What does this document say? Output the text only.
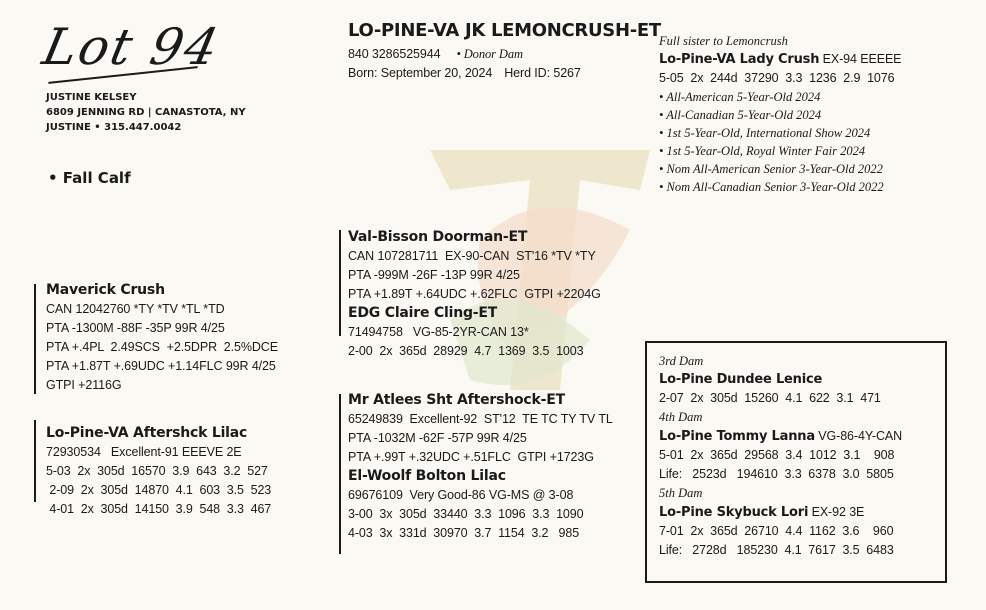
Lot 94
JUSTINE KELSEY
6809 JENNING RD | CANASTOTA, NY
JUSTINE • 315.447.0042
• Fall Calf
LO-PINE-VA JK LEMONCRUSH-ET
840 3286525944 • Donor Dam
Born: September 20, 2024 Herd ID: 5267
Full sister to Lemoncrush
Lo-Pine-VA Lady Crush EX-94 EEEEE
5-05  2x  244d  37290  3.3  1236  2.9  1076
• All-American 5-Year-Old 2024
• All-Canadian 5-Year-Old 2024
• 1st 5-Year-Old, International Show 2024
• 1st 5-Year-Old, Royal Winter Fair 2024
• Nom All-American Senior 3-Year-Old 2022
• Nom All-Canadian Senior 3-Year-Old 2022
Maverick Crush
CAN 12042760 *TY *TV *TL *TD
PTA -1300M -88F -35P 99R 4/25
PTA +.4PL  2.49SCS  +2.5DPR  2.5%DCE
PTA +1.87T +.69UDC +1.14FLC 99R 4/25
GTPI +2116G
Lo-Pine-VA Aftershck Lilac
72930534   Excellent-91 EEEVE 2E
5-03  2x  305d  16570  3.9  643  3.2  527
2-09  2x  305d  14870  4.1  603  3.5  523
4-01  2x  305d  14150  3.9  548  3.3  467
Val-Bisson Doorman-ET
CAN 107281711  EX-90-CAN  ST'16 *TV *TY
PTA -999M -26F -13P 99R 4/25
PTA +1.89T +.64UDC +.62FLC  GTPI +2204G
EDG Claire Cling-ET
71494758   VG-85-2YR-CAN 13*
2-00  2x  365d  28929  4.7  1369  3.5  1003
Mr Atlees Sht Aftershock-ET
65249839  Excellent-92  ST'12  TE TC TY TV TL
PTA -1032M -62F -57P 99R 4/25
PTA +.99T +.32UDC +.51FLC  GTPI +1723G
El-Woolf Bolton Lilac
69676109  Very Good-86 VG-MS @ 3-08
3-00  3x  305d  33440  3.3  1096  3.3  1090
4-03  3x  331d  30970  3.7  1154  3.2   985
3rd Dam
Lo-Pine Dundee Lenice
2-07  2x  305d  15260  4.1  622  3.1  471
4th Dam
Lo-Pine Tommy Lanna VG-86-4Y-CAN
5-01  2x  365d  29568  3.4  1012  3.1    908
Life:   2523d   194610  3.3  6378  3.0  5805
5th Dam
Lo-Pine Skybuck Lori EX-92 3E
7-01  2x  365d  26710  4.4  1162  3.6    960
Life:   2728d   185230  4.1  7617  3.5  6483
